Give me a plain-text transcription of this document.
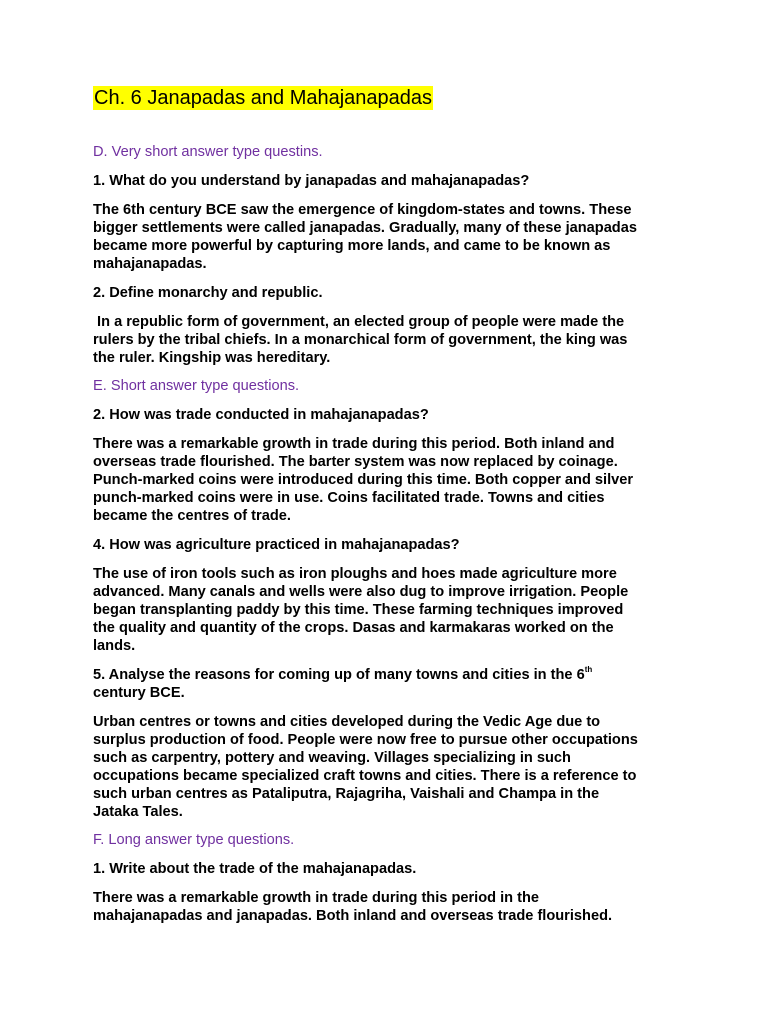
Ch. 6 Janapadas and Mahajanapadas
D. Very short answer type questins.
1. What do you understand by janapadas and mahajanapadas?
The 6th century BCE saw the emergence of kingdom-states and towns. These
bigger settlements were called janapadas. Gradually, many of these janapadas
became more powerful by capturing more lands, and came to be known as
mahajanapadas.
2. Define monarchy and republic.
In a republic form of government, an elected group of people were made the
rulers by the tribal chiefs. In a monarchical form of government, the king was
the ruler. Kingship was hereditary.
E. Short answer type questions.
2. How was trade conducted in mahajanapadas?
There was a remarkable growth in trade during this period. Both inland and
overseas trade flourished. The barter system was now replaced by coinage.
Punch-marked coins were introduced during this time. Both copper and silver
punch-marked coins were in use. Coins facilitated trade. Towns and cities
became the centres of trade.
4. How was agriculture practiced in mahajanapadas?
The use of iron tools such as iron ploughs and hoes made agriculture more
advanced. Many canals and wells were also dug to improve irrigation. People
began transplanting paddy by this time. These farming techniques improved
the quality and quantity of the crops. Dasas and karmakaras worked on the
lands.
5. Analyse the reasons for coming up of many towns and cities in the 6th
century BCE.
Urban centres or towns and cities developed during the Vedic Age due to
surplus production of food. People were now free to pursue other occupations
such as carpentry, pottery and weaving. Villages specializing in such
occupations became specialized craft towns and cities. There is a reference to
such urban centres as Pataliputra, Rajagriha, Vaishali and Champa in the
Jataka Tales.
F. Long answer type questions.
1. Write about the trade of the mahajanapadas.
There was a remarkable growth in trade during this period in the
mahajanapadas and janapadas. Both inland and overseas trade flourished.
